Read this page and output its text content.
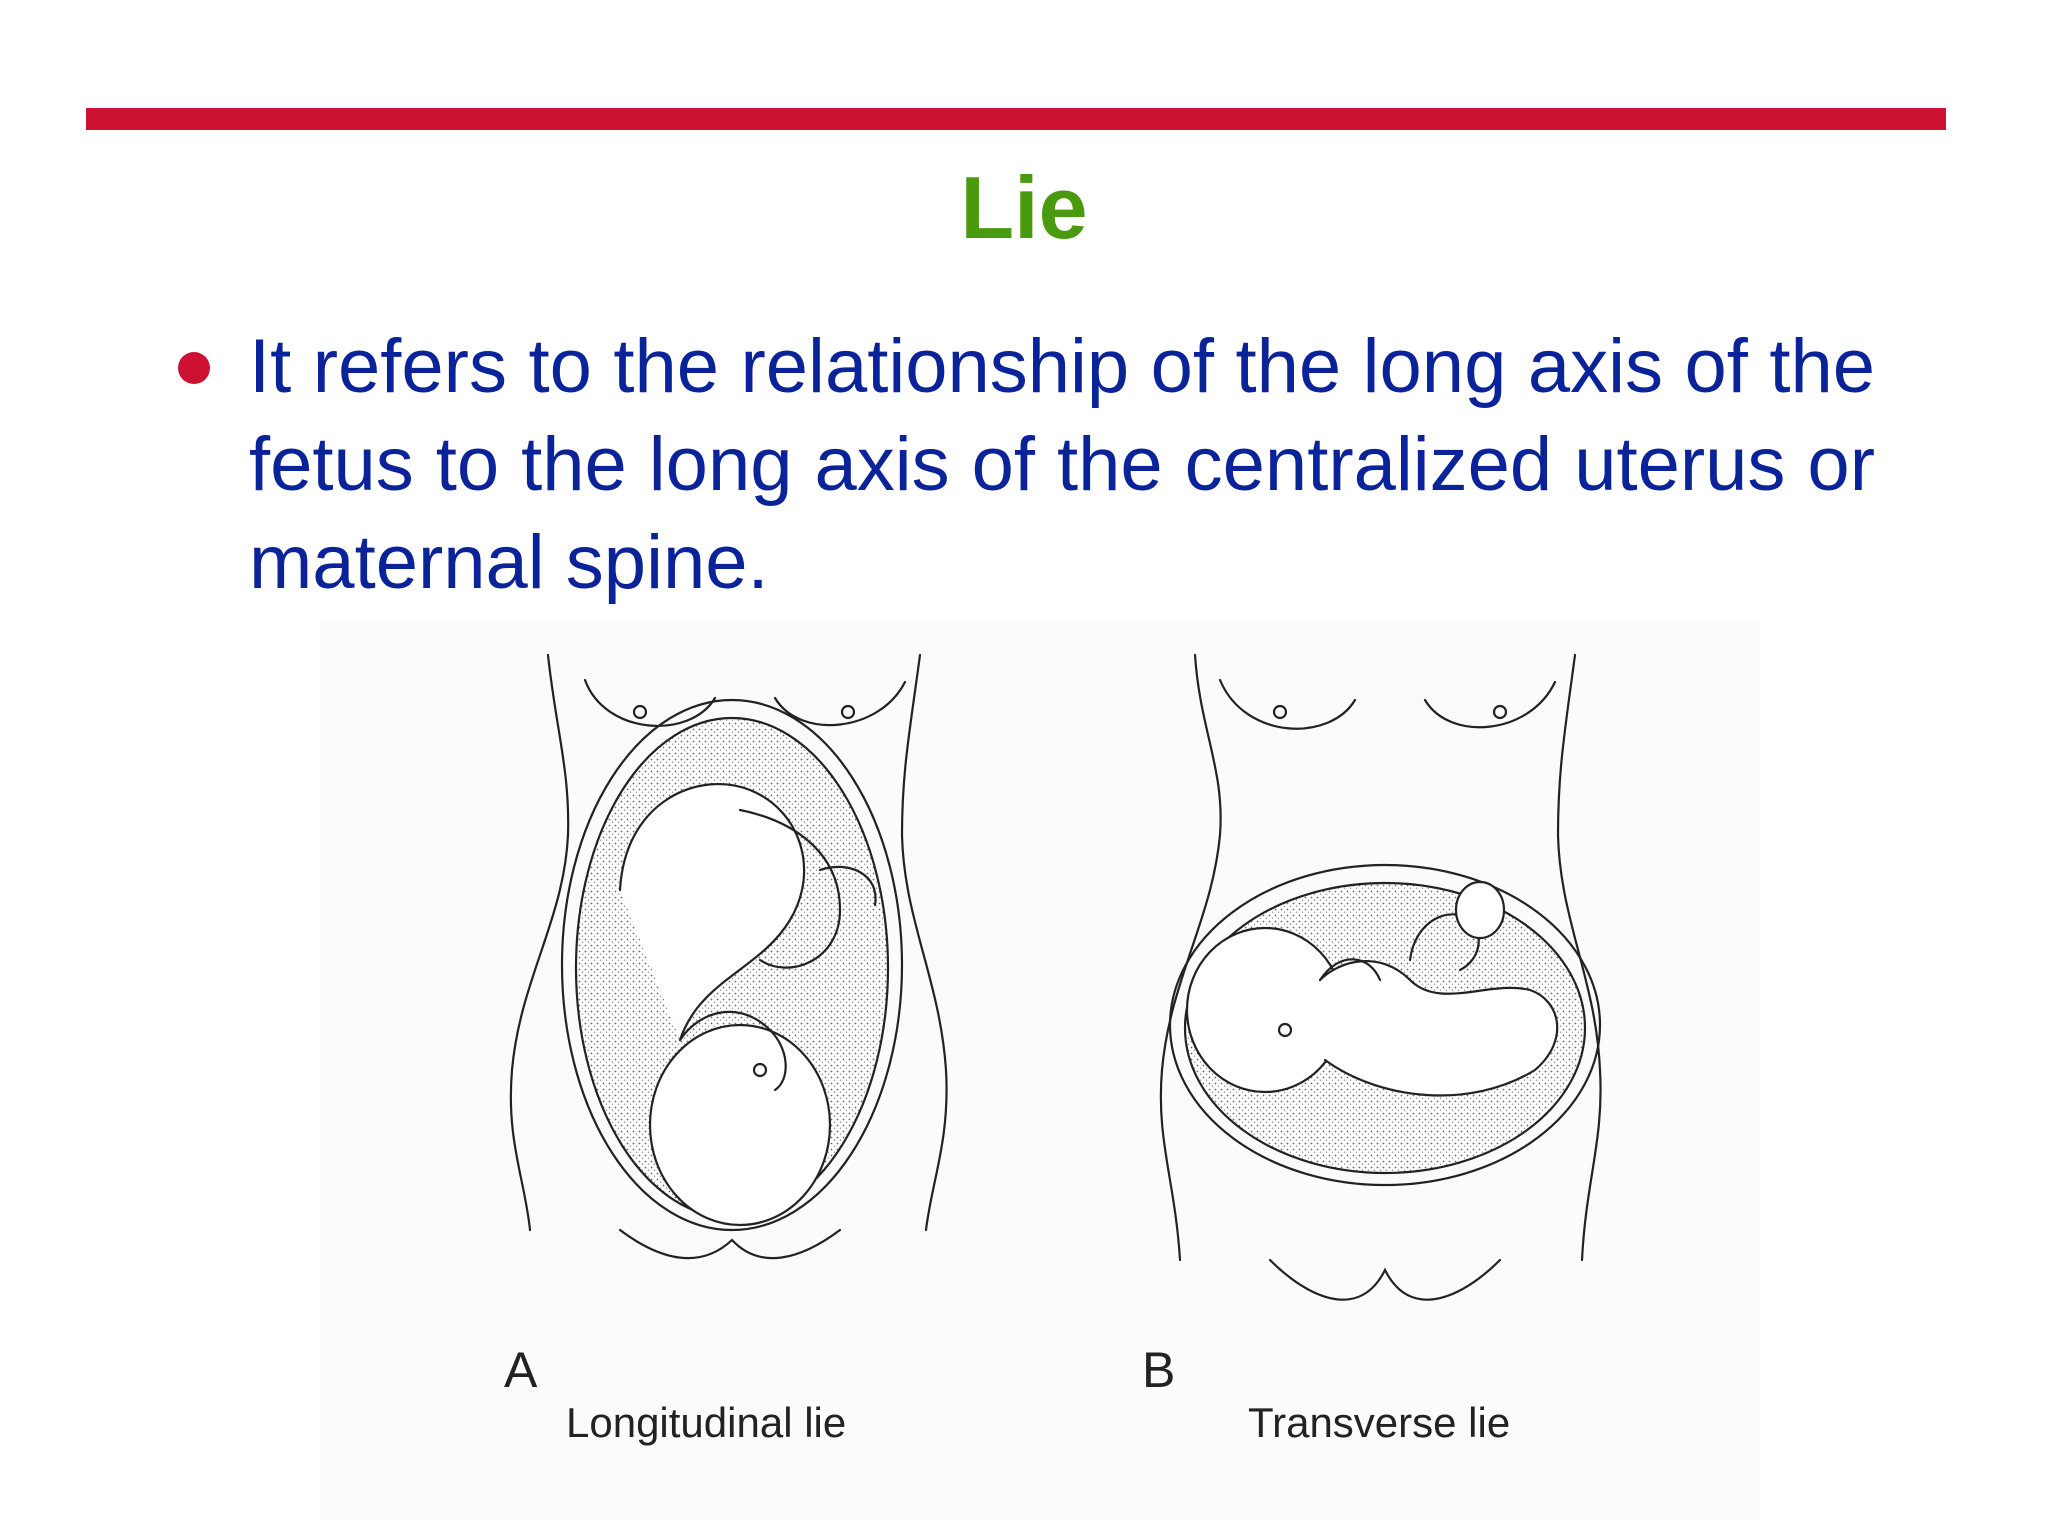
Lie
It refers to the relationship of the long axis of the fetus to the long axis of the centralized uterus or maternal spine.
A
Longitudinal lie
B
Transverse lie
